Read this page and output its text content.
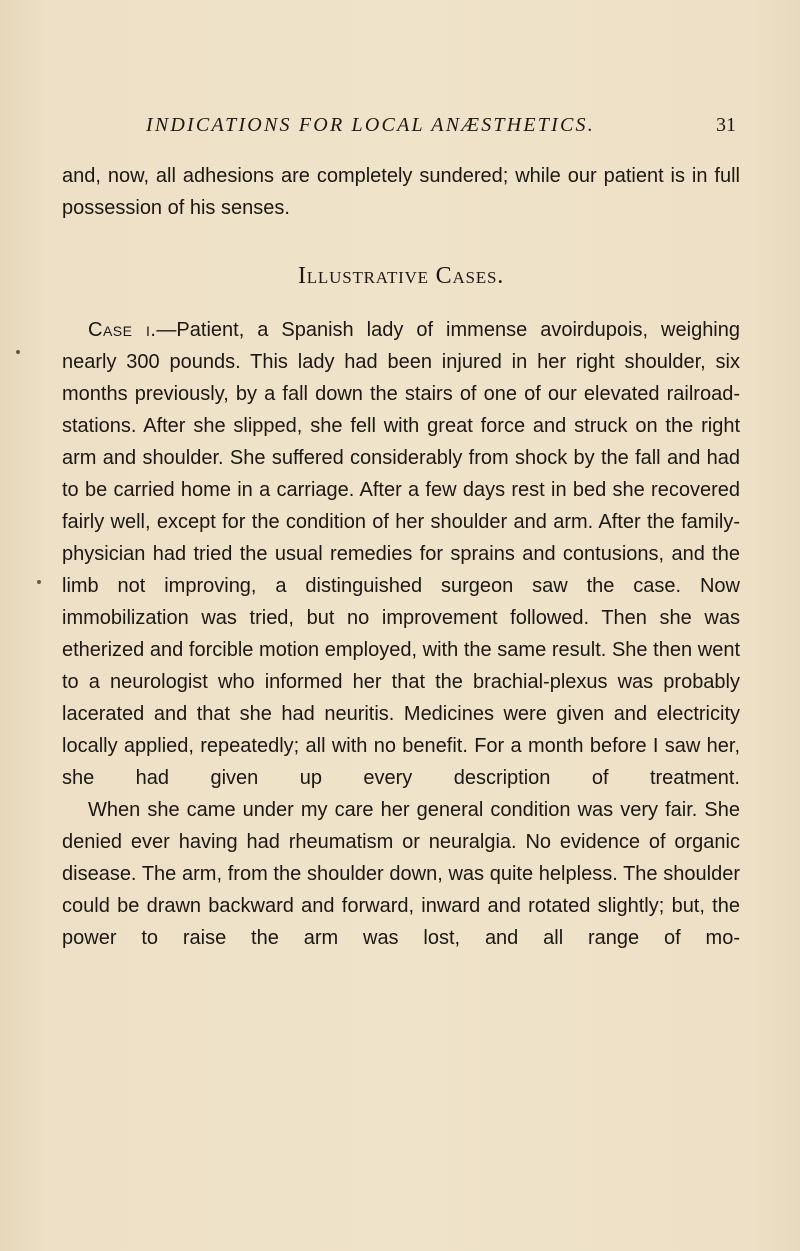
INDICATIONS FOR LOCAL ANÆSTHETICS.	31

and, now, all adhesions are completely sundered; while our patient is in full possession of his senses.

Illustrative Cases.

Case i.—Patient, a Spanish lady of immense avoirdupois, weighing nearly 300 pounds. This lady had been injured in her right shoulder, six months previously, by a fall down the stairs of one of our elevated railroad-stations. After she slipped, she fell with great force and struck on the right arm and shoulder. She suffered considerably from shock by the fall and had to be carried home in a carriage. After a few days rest in bed she recovered fairly well, except for the condition of her shoulder and arm. After the family-physician had tried the usual remedies for sprains and contusions, and the limb not improving, a distinguished surgeon saw the case. Now immobilization was tried, but no improvement followed. Then she was etherized and forcible motion employed, with the same result. She then went to a neurologist who informed her that the brachial-plexus was probably lacerated and that she had neuritis. Medicines were given and electricity locally applied, repeatedly; all with no benefit. For a month before I saw her, she had given up every description of treatment.

When she came under my care her general condition was very fair. She denied ever having had rheumatism or neuralgia. No evidence of organic disease. The arm, from the shoulder down, was quite helpless. The shoulder could be drawn backward and forward, inward and rotated slightly; but, the power to raise the arm was lost, and all range of mo-
